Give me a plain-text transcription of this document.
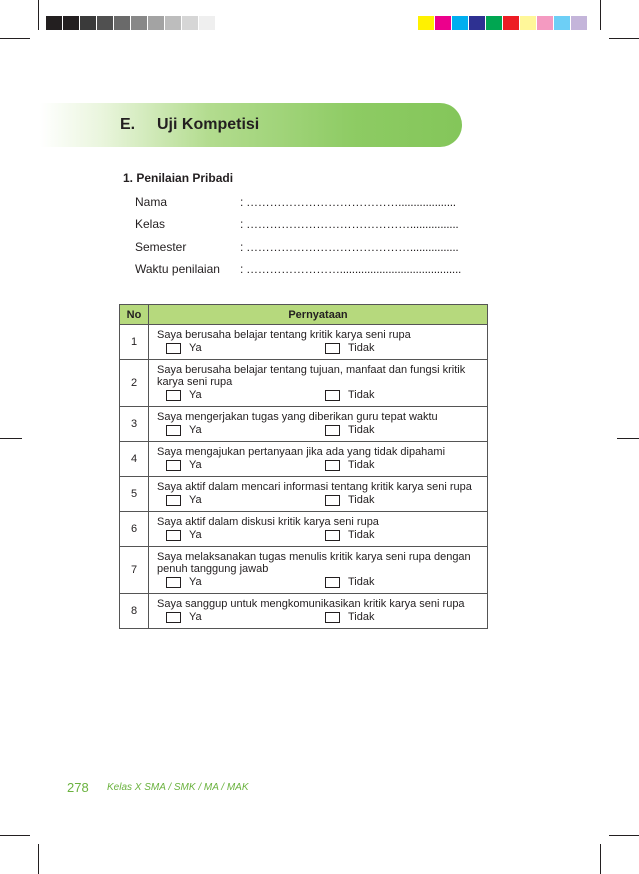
E. Uji Kompetisi
1. Penilaian Pribadi
Nama	: …………………………………...................
Kelas	: ……………………………………................
Semester	: ……………………………………................
Waktu penilaian : ……………………........................................
No	Pernyataan
1	Saya berusaha belajar tentang kritik karya seni rupa
Ya Tidak

2	Saya berusaha belajar tentang tujuan, manfaat dan fungsi kritik karya seni rupa
Ya Tidak

3	Saya mengerjakan tugas yang diberikan guru tepat waktu
Ya Tidak

4	Saya mengajukan pertanyaan jika ada yang tidak dipahami
Ya Tidak

5	Saya aktif dalam mencari informasi tentang kritik karya seni rupa
Ya Tidak

6	Saya aktif dalam diskusi kritik karya seni rupa
Ya Tidak

7	Saya melaksanakan tugas menulis kritik karya seni rupa dengan penuh tanggung jawab
Ya Tidak

8	Saya sanggup untuk mengkomunikasikan kritik karya seni rupa
Ya Tidak
278 Kelas X SMA / SMK / MA / MAK
